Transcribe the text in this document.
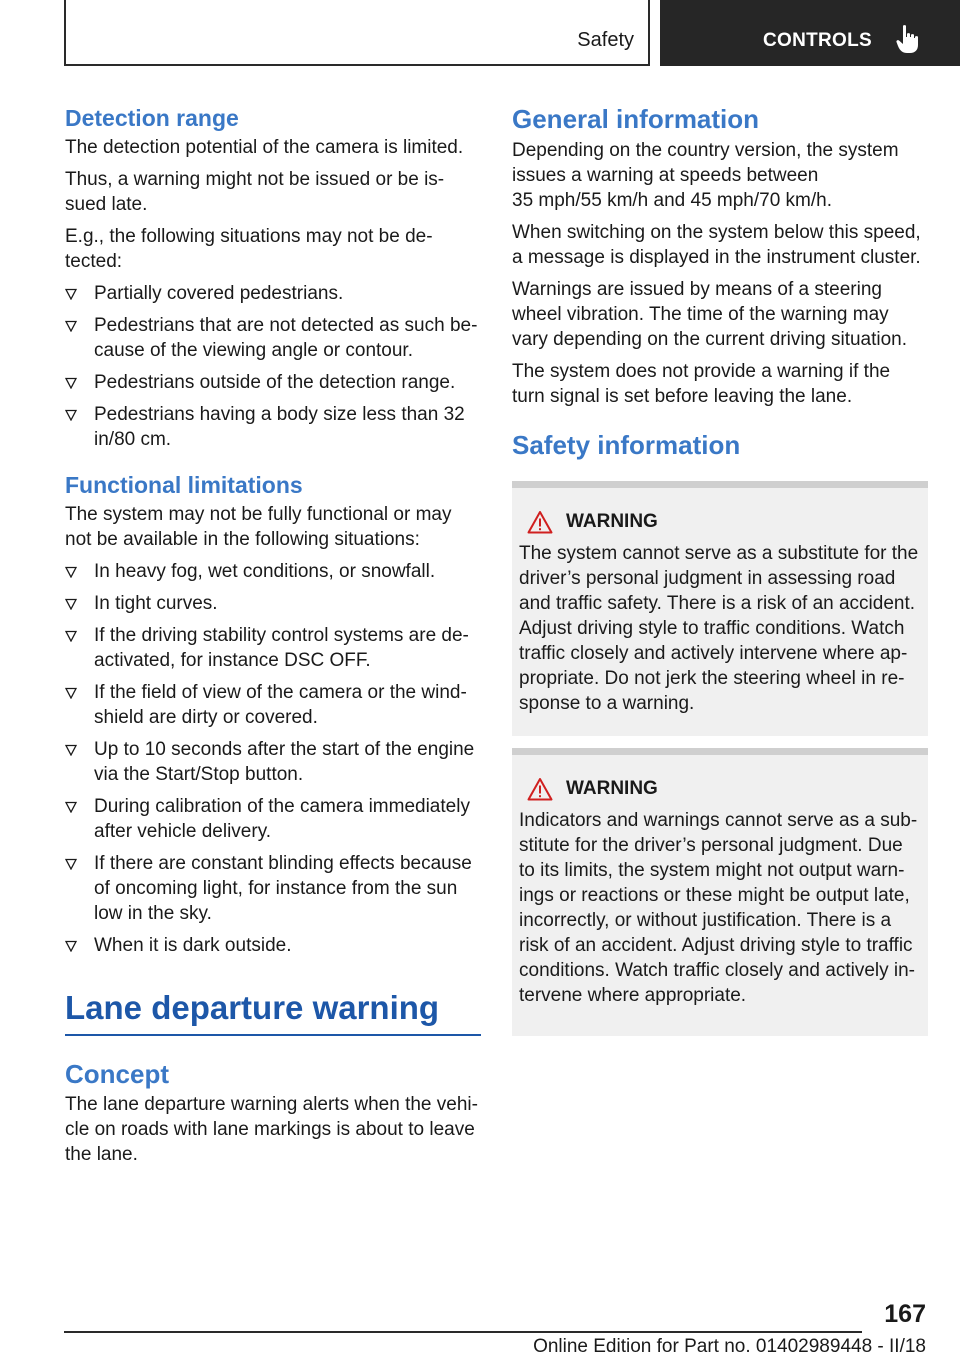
Safety	CONTROLS
Detection range

The detection potential of the camera is limited.

Thus, a warning might not be issued or be is‐sued late.

E.g., the following situations may not be de‐tected:

Partially covered pedestrians.
Pedestrians that are not detected as such be‐cause of the viewing angle or contour.
Pedestrians outside of the detection range.
Pedestrians having a body size less than 32 in/80 cm.
Functional limitations

The system may not be fully functional or may not be available in the following situations:

In heavy fog, wet conditions, or snowfall.
In tight curves.
If the driving stability control systems are de‐activated, for instance DSC OFF.
If the field of view of the camera or the wind‐shield are dirty or covered.
Up to 10 seconds after the start of the engine via the Start/Stop button.
During calibration of the camera immediately after vehicle delivery.
If there are constant blinding effects because of oncoming light, for instance from the sun low in the sky.
When it is dark outside.
Lane departure warning
Concept

The lane departure warning alerts when the vehi‐cle on roads with lane markings is about to leave the lane.

General information

Depending on the country version, the system issues a warning at speeds between
35 mph/55 km/h and 45 mph/70 km/h.

When switching on the system below this speed, a message is displayed in the instrument cluster.

Warnings are issued by means of a steering wheel vibration. The time of the warning may vary depending on the current driving situation.

The system does not provide a warning if the turn signal is set before leaving the lane.

Safety information
WARNING

The system cannot serve as a substitute for the driver’s personal judgment in assessing road and traffic safety. There is a risk of an accident. Adjust driving style to traffic conditions. Watch traffic closely and actively intervene where ap‐propriate. Do not jerk the steering wheel in re‐sponse to a warning.

WARNING

Indicators and warnings cannot serve as a sub‐stitute for the driver’s personal judgment. Due to its limits, the system might not output warn‐ings or reactions or these might be output late, incorrectly, or without justification. There is a risk of an accident. Adjust driving style to traffic conditions. Watch traffic closely and actively in‐tervene where appropriate.

167
Online Edition for Part no. 01402989448 - II/18
